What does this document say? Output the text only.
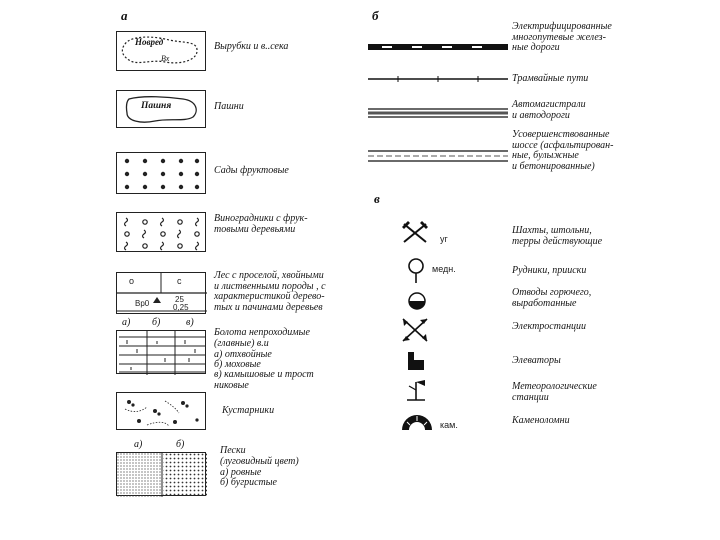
а	б
в
Новред
Вх
Вырубки и в..сека
Пашня	Пашни
Сады фруктовые
Виноградники с фрук-
товыми деревьями
о	с
Вр0	25
0,25
Лес с проселой, хвойными
и лиственными породы , с
характеристикой дерево-
тых и пачинами деревьев
а) б)	в)
Болота непроходимые
(главные) в.и
а) отхвойные
б) моховые
в) камышовые и трост
никовые
Кустарники
а)	б)
Пески
(луговидный цвет)
а) ровные
б) бугристые
Электрифицированные
многопутевые желез-
ные дороги
Трамвайные пути
Автомагистрали
и автодороги
Усовершенствованные
шоссе (асфальтирован-
ные, булыжные
и бетонированные)
уг
Шахты, штольни,
терры действующие
медн.	Рудники, прииски
Отводы горючего,
выработанные
Электростанции
Элеваторы
Метеорологические
станции
кам.	Каменоломни
